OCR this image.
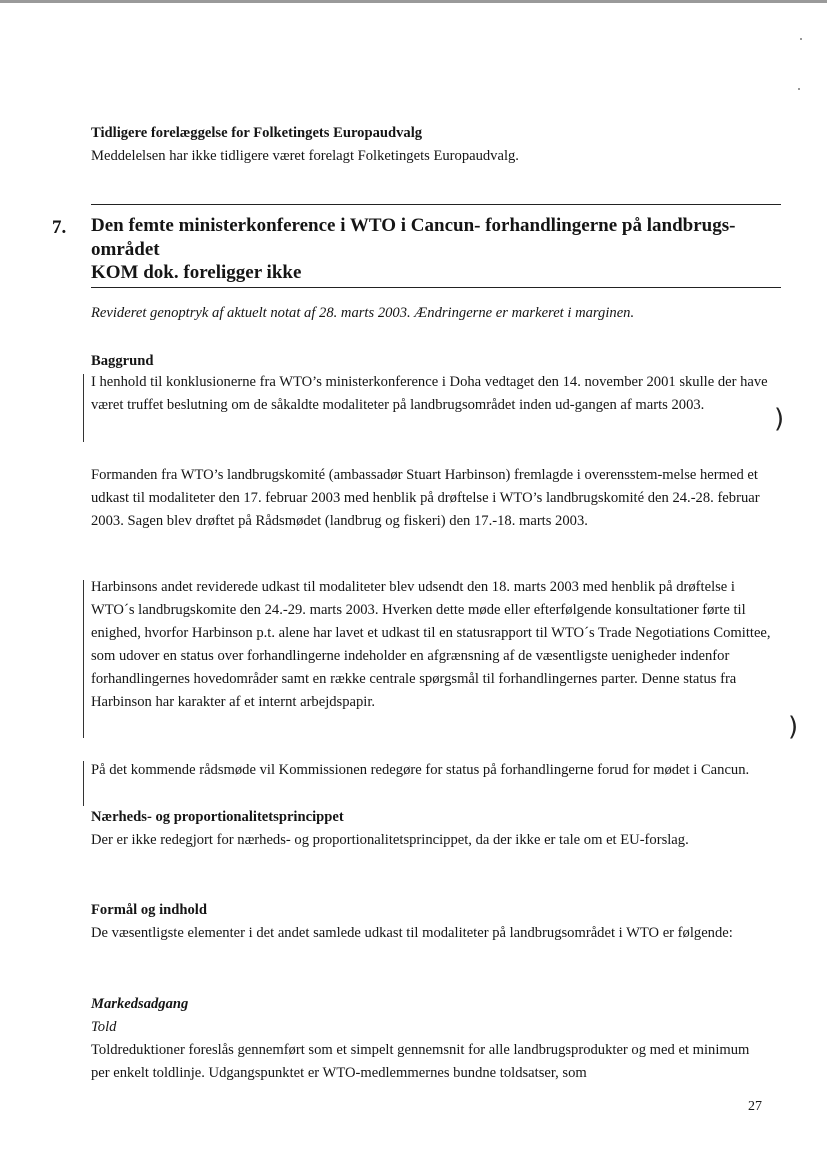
Tidligere forelæggelse for Folketingets Europaudvalg
Meddelelsen har ikke tidligere været forelagt Folketingets Europaudvalg.
7. Den femte ministerkonference i WTO i Cancun- forhandlingerne på landbrugs-
området
KOM dok. foreligger ikke
Revideret genoptryk af aktuelt notat af 28. marts 2003. Ændringerne er markeret i marginen.
Baggrund
I henhold til konklusionerne fra WTO’s ministerkonference i Doha vedtaget den 14. november 2001 skulle der have været truffet beslutning om de såkaldte modaliteter på landbrugsområdet inden ud-gangen af marts 2003.	)
Formanden fra WTO’s landbrugskomité (ambassadør Stuart Harbinson) fremlagde i overensstem-melse hermed et udkast til modaliteter den 17. februar 2003 med henblik på drøftelse i WTO’s landbrugskomité den 24.-28. februar 2003. Sagen blev drøftet på Rådsmødet (landbrug og fiskeri) den 17.-18. marts 2003.
Harbinsons andet reviderede udkast til modaliteter blev udsendt den 18. marts 2003 med henblik på drøftelse i WTO´s landbrugskomite den 24.-29. marts 2003. Hverken dette møde eller efterfølgende konsultationer førte til enighed, hvorfor Harbinson p.t. alene har lavet et udkast til en statusrapport til WTO´s Trade Negotiations Comittee, som udover en status over forhandlingerne indeholder en afgrænsning af de væsentligste uenigheder indenfor forhandlingernes hovedområder samt en række centrale spørgsmål til forhandlingernes parter. Denne status fra Harbinson har karakter af et internt arbejdspapir.
)
På det kommende rådsmøde vil Kommissionen redegøre for status på forhandlingerne forud for mødet i Cancun.
Nærheds- og proportionalitetsprincippet
Der er ikke redegjort for nærheds- og proportionalitetsprincippet, da der ikke er tale om et EU-forslag.
Formål og indhold
De væsentligste elementer i det andet samlede udkast til modaliteter på landbrugsområdet i WTO er følgende:
Markedsadgang
Told
Toldreduktioner foreslås gennemført som et simpelt gennemsnit for alle landbrugsprodukter og med et minimum per enkelt toldlinje. Udgangspunktet er WTO-medlemmernes bundne toldsatser, som
27
